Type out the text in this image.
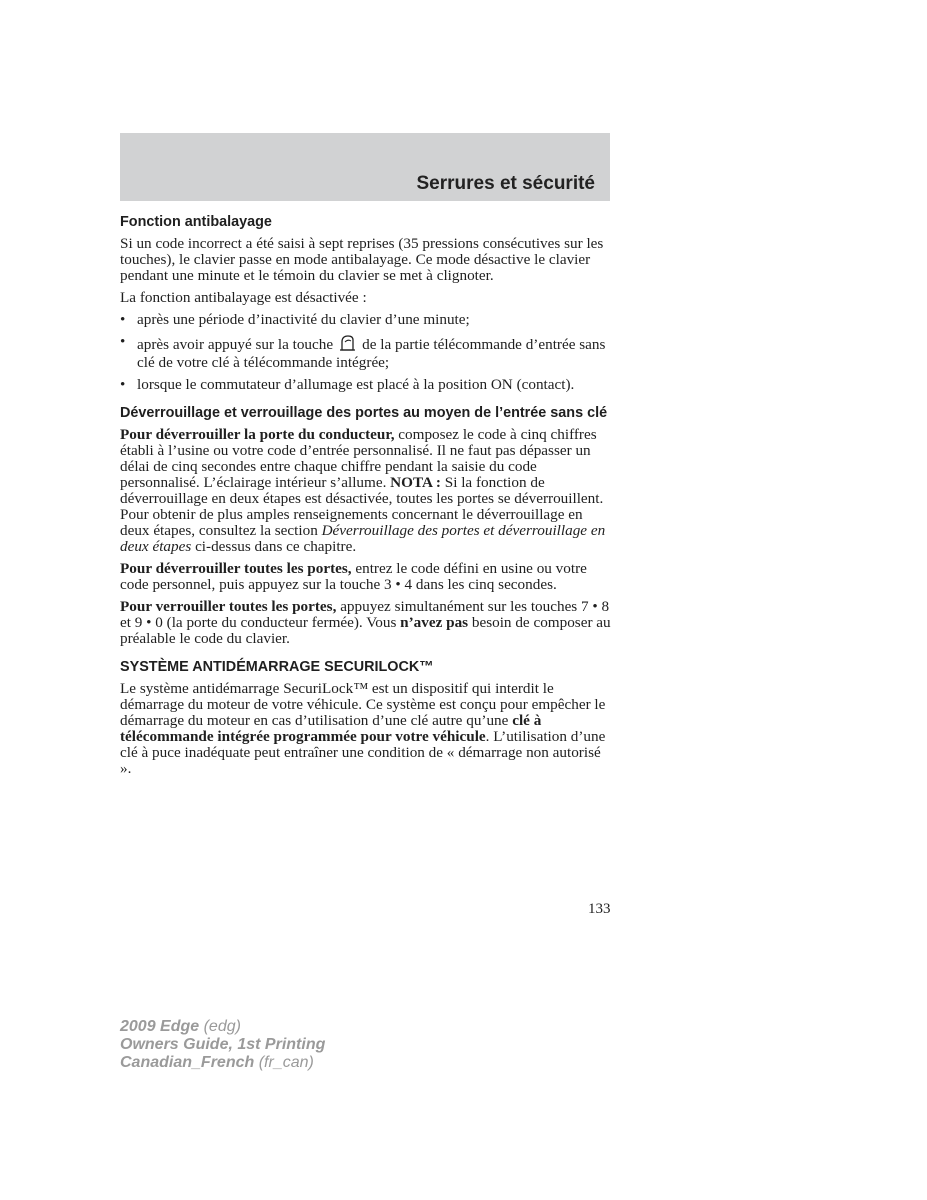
Serrures et sécurité
Fonction antibalayage

Si un code incorrect a été saisi à sept reprises (35 pressions consécutives sur les touches), le clavier passe en mode antibalayage. Ce mode désactive le clavier pendant une minute et le témoin du clavier se met à clignoter.

La fonction antibalayage est désactivée :

• après une période d’inactivité du clavier d’une minute;
• après avoir appuyé sur la touche de la partie télécommande d’entrée sans clé de votre clé à télécommande intégrée;
• lorsque le commutateur d’allumage est placé à la position ON (contact).
Déverrouillage et verrouillage des portes au moyen de l’entrée sans clé

Pour déverrouiller la porte du conducteur, composez le code à cinq chiffres établi à l’usine ou votre code d’entrée personnalisé. Il ne faut pas dépasser un délai de cinq secondes entre chaque chiffre pendant la saisie du code personnalisé. L’éclairage intérieur s’allume. NOTA : Si la fonction de déverrouillage en deux étapes est désactivée, toutes les portes se déverrouillent. Pour obtenir de plus amples renseignements concernant le déverrouillage en deux étapes, consultez la section Déverrouillage des portes et déverrouillage en deux étapes ci-dessus dans ce chapitre.

Pour déverrouiller toutes les portes, entrez le code défini en usine ou votre code personnel, puis appuyez sur la touche 3 • 4 dans les cinq secondes.

Pour verrouiller toutes les portes, appuyez simultanément sur les touches 7 • 8 et 9 • 0 (la porte du conducteur fermée). Vous n’avez pas besoin de composer au préalable le code du clavier.

SYSTÈME ANTIDÉMARRAGE SECURILOCK™

Le système antidémarrage SecuriLock™ est un dispositif qui interdit le démarrage du moteur de votre véhicule. Ce système est conçu pour empêcher le démarrage du moteur en cas d’utilisation d’une clé autre qu’une clé à télécommande intégrée programmée pour votre véhicule. L’utilisation d’une clé à puce inadéquate peut entraîner une condition de « démarrage non autorisé ».

133
2009 Edge (edg)
Owners Guide, 1st Printing
Canadian_French (fr_can)
